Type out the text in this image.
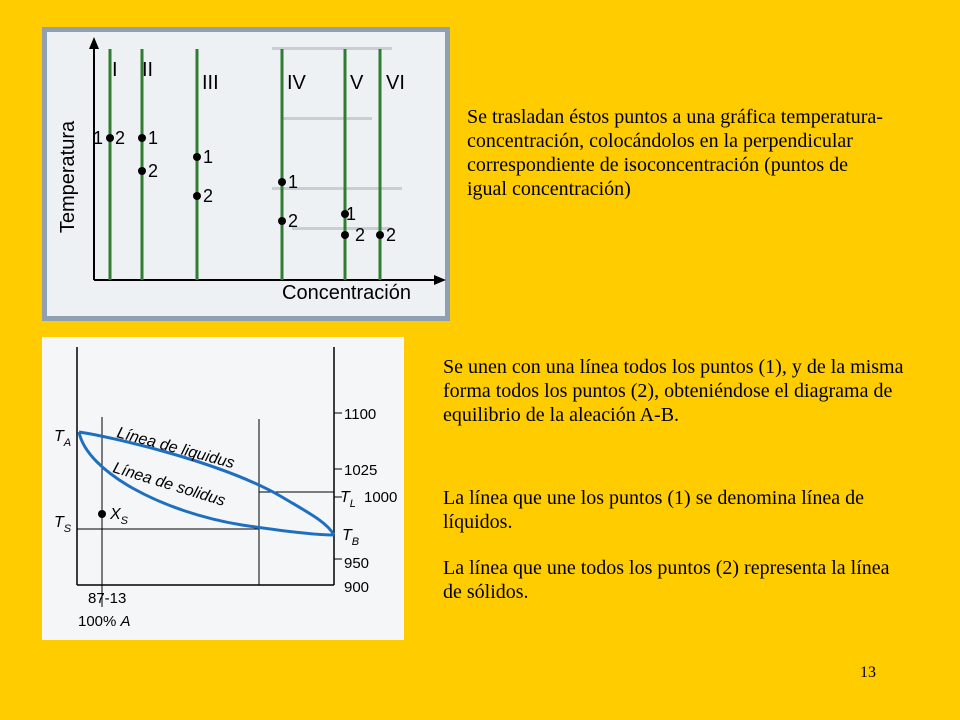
Temperatura
Concentración
I II
III	IV V VI
1 2 1
2
1
2
1
2	1
2 2
Línea de liquidus
Línea de solidus
$T_A$
$T_S$
$T_L$
$T_B$
$X_S$
1100
1025
1000
950
900
87-13
100% A

Se trasladan éstos puntos a una gráfica temperatura- concentración, colocándolos en la perpendicular correspondiente de isoconcentración (puntos de igual concentración)

Se unen con una línea todos los puntos (1), y de la misma forma todos los puntos (2), obteniéndose el diagrama de equilibrio de la aleación A-B.

La línea que une los puntos (1) se denomina línea de líquidos.

La línea que une todos los puntos (2) representa la línea de sólidos.

13
